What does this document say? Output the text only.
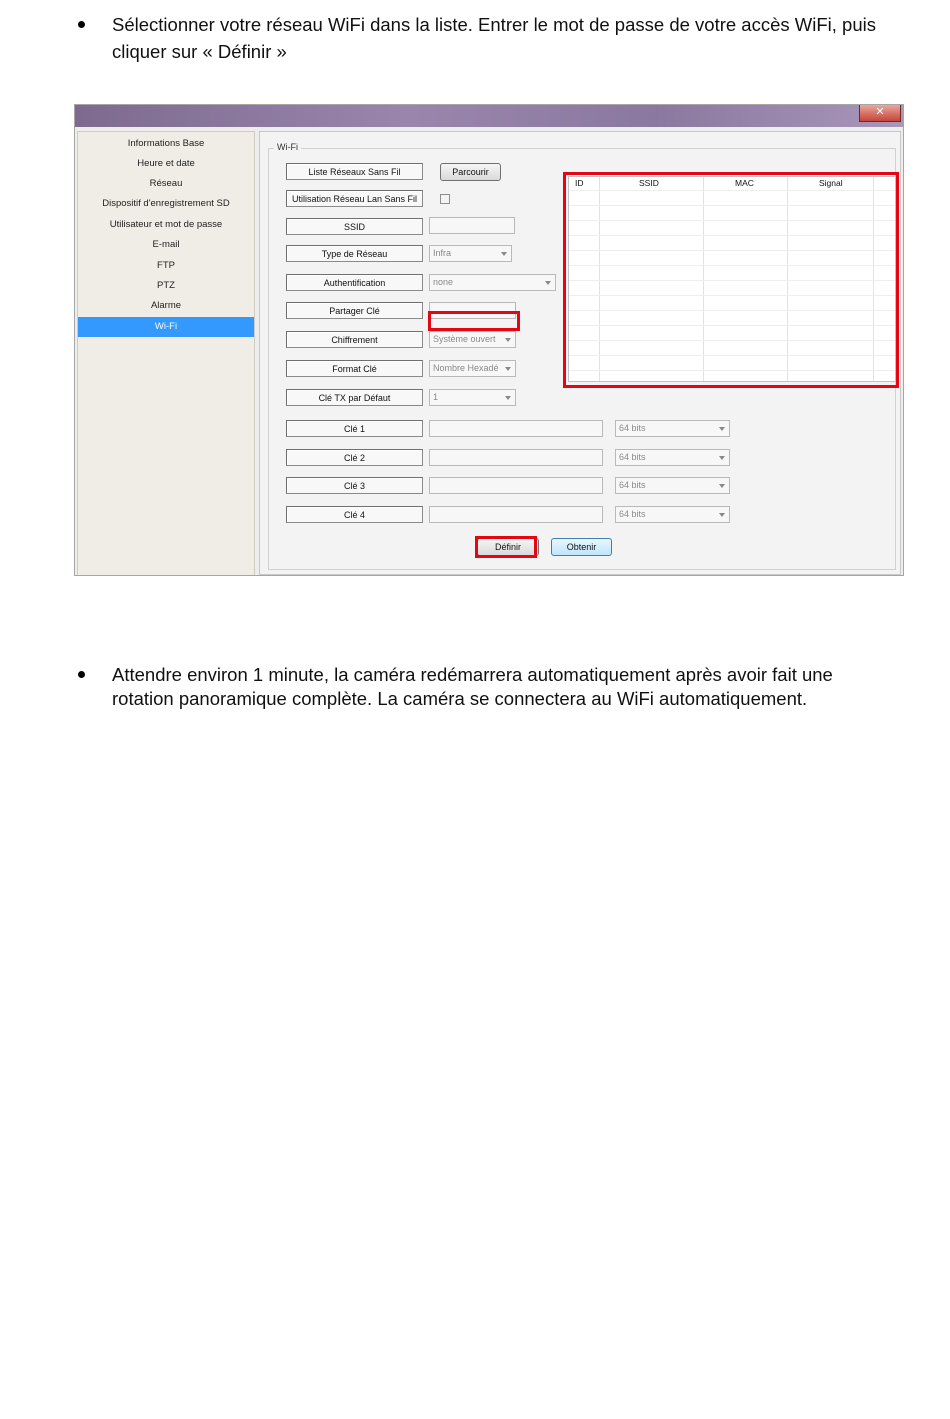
Sélectionner votre réseau WiFi dans la liste. Entrer le mot de passe de votre accès WiFi, puis
cliquer sur « Définir »
✕
Informations Base
Heure et date
Réseau
Dispositif d'enregistrement SD
Utilisateur et mot de passe
E-mail
FTP
PTZ
Alarme
Wi-Fi
Wi-Fi
Liste Réseaux Sans Fil	Parcourir
Utilisation Réseau Lan Sans Fil
SSID
Type de Réseau	Infra
Authentification	none
Partager Clé
Chiffrement	Système ouvert
Format Clé	Nombre Hexadé
Clé TX par Défaut	1
Clé 1	64 bits
Clé 2	64 bits
Clé 3	64 bits
Clé 4	64 bits
Définir	Obtenir
ID	SSID	MAC	Signal
Attendre environ 1 minute, la caméra redémarrera automatiquement après avoir fait une
rotation panoramique complète. La caméra se connectera au WiFi automatiquement.
